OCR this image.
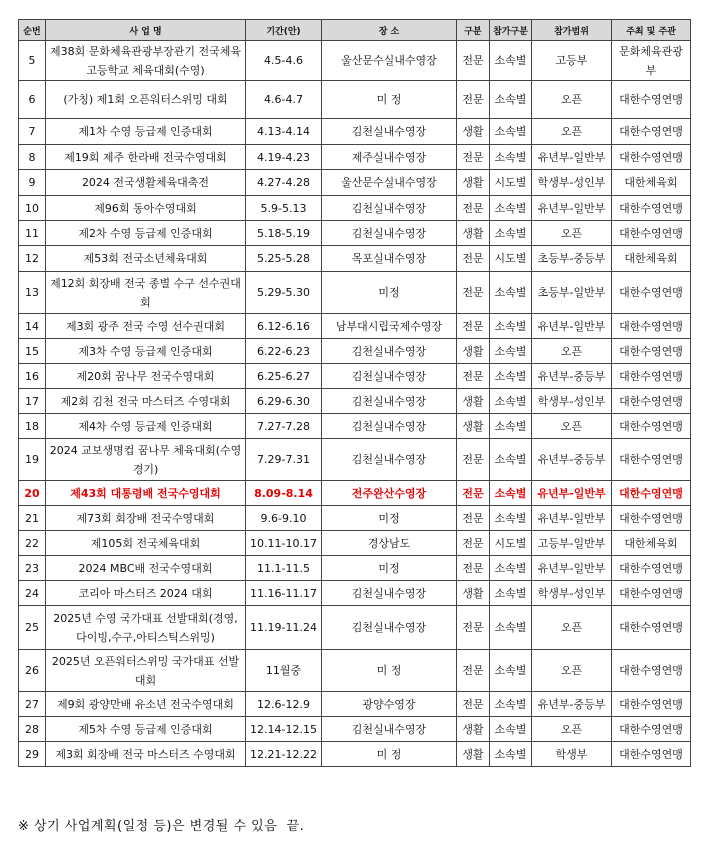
순번	사 업 명	기간(안)	장 소	구분	참가구분	참가범위	주최 및 주관
5	제38회 문화체육관광부장관기 전국체육고등학교 체육대회(수영)	4.5-4.6	울산문수실내수영장	전문	소속별	고등부	문화체육관광부
6	(가칭) 제1회 오픈워터스위밍 대회	4.6-4.7	미 정	전문	소속별	오픈	대한수영연맹
7	제1차 수영 등급제 인증대회	4.13-4.14	김천실내수영장	생활	소속별	오픈	대한수영연맹
8	제19회 제주 한라배 전국수영대회	4.19-4.23	제주실내수영장	전문	소속별	유년부-일반부	대한수영연맹
9	2024 전국생활체육대축전	4.27-4.28	울산문수실내수영장	생활	시도별	학생부-성인부	대한체육회
10	제96회 동아수영대회	5.9-5.13	김천실내수영장	전문	소속별	유년부-일반부	대한수영연맹
11	제2차 수영 등급제 인증대회	5.18-5.19	김천실내수영장	생활	소속별	오픈	대한수영연맹
12	제53회 전국소년체육대회	5.25-5.28	목포실내수영장	전문	시도별	초등부-중등부	대한체육회
13	제12회 회장배 전국 종별 수구 선수권대회	5.29-5.30	미정	전문	소속별	초등부-일반부	대한수영연맹
14	제3회 광주 전국 수영 선수권대회	6.12-6.16	남부대시립국제수영장	전문	소속별	유년부-일반부	대한수영연맹
15	제3차 수영 등급제 인증대회	6.22-6.23	김천실내수영장	생활	소속별	오픈	대한수영연맹
16	제20회 꿈나무 전국수영대회	6.25-6.27	김천실내수영장	전문	소속별	유년부-중등부	대한수영연맹
17	제2회 김천 전국 마스터즈 수영대회	6.29-6.30	김천실내수영장	생활	소속별	학생부-성인부	대한수영연맹
18	제4차 수영 등급제 인증대회	7.27-7.28	김천실내수영장	생활	소속별	오픈	대한수영연맹
19	2024 교보생명컵 꿈나무 체육대회(수영경기)	7.29-7.31	김천실내수영장	전문	소속별	유년부-중등부	대한수영연맹
20	제43회 대통령배 전국수영대회	8.09-8.14	전주완산수영장	전문	소속별	유년부-일반부	대한수영연맹
21	제73회 회장배 전국수영대회	9.6-9.10	미정	전문	소속별	유년부-일반부	대한수영연맹
22	제105회 전국체육대회	10.11-10.17	경상남도	전문	시도별	고등부-일반부	대한체육회
23	2024 MBC배 전국수영대회	11.1-11.5	미정	전문	소속별	유년부-일반부	대한수영연맹
24	코리아 마스터즈 2024 대회	11.16-11.17	김천실내수영장	생활	소속별	학생부-성인부	대한수영연맹
25	2025년 수영 국가대표 선발대회(경영,다이빙,수구,아티스틱스위밍)	11.19-11.24	김천실내수영장	전문	소속별	오픈	대한수영연맹
26	2025년 오픈워터스위밍 국가대표 선발대회	11월중	미 정	전문	소속별	오픈	대한수영연맹
27	제9회 광양만배 유소년 전국수영대회	12.6-12.9	광양수영장	전문	소속별	유년부-중등부	대한수영연맹
28	제5차 수영 등급제 인증대회	12.14-12.15	김천실내수영장	생활	소속별	오픈	대한수영연맹
29	제3회 회장배 전국 마스터즈 수영대회	12.21-12.22	미 정	생활	소속별	학생부	대한수영연맹
※ 상기 사업계획(일정 등)은 변경될 수 있음  끝.
